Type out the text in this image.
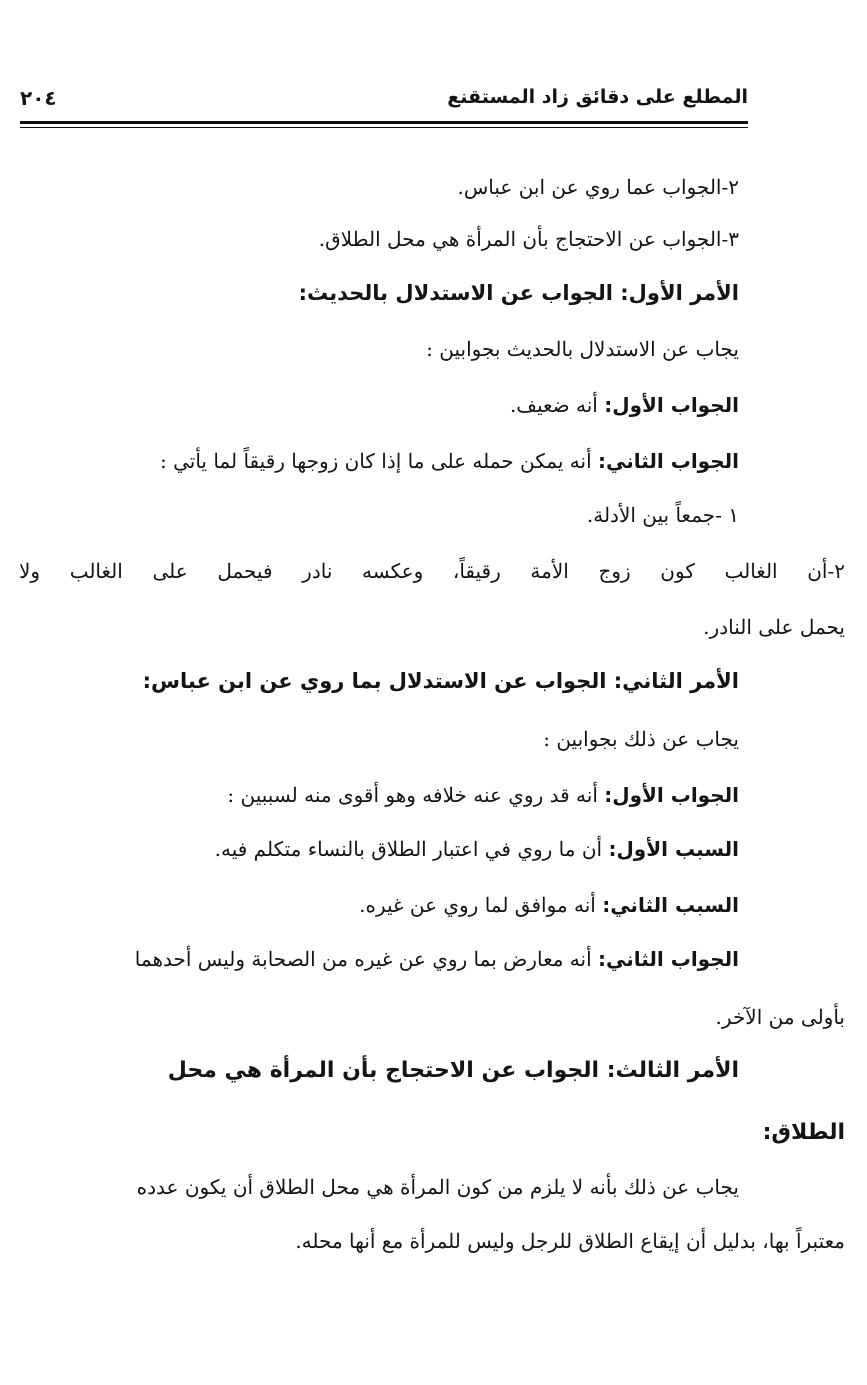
المطلع على دقائق زاد المستقنع
٢٠٤
٢-الجواب عما روي عن ابن عباس.
٣-الجواب عن الاحتجاج بأن المرأة هي محل الطلاق.
الأمر الأول: الجواب عن الاستدلال بالحديث:
يجاب عن الاستدلال بالحديث بجوابين :
الجواب الأول: أنه ضعيف.
الجواب الثاني: أنه يمكن حمله على ما إذا كان زوجها رقيقاً لما يأتي :
١ -جمعاً بين الأدلة.
٢-أن الغالب كون زوج الأمة رقيقاً، وعكسه نادر فيحمل على الغالب ولا
يحمل على النادر.
الأمر الثاني: الجواب عن الاستدلال بما روي عن ابن عباس:
يجاب عن ذلك بجوابين :
الجواب الأول: أنه قد روي عنه خلافه وهو أقوى منه لسببين :
السبب الأول: أن ما روي في اعتبار الطلاق بالنساء متكلم فيه.
السبب الثاني: أنه موافق لما روي عن غيره.
الجواب الثاني: أنه معارض بما روي عن غيره من الصحابة وليس أحدهما
بأولى من الآخر.
الأمر الثالث: الجواب عن الاحتجاج بأن المرأة هي محل
الطلاق:
يجاب عن ذلك بأنه لا يلزم من كون المرأة هي محل الطلاق أن يكون عدده
معتبراً بها، بدليل أن إيقاع الطلاق للرجل وليس للمرأة مع أنها محله.
